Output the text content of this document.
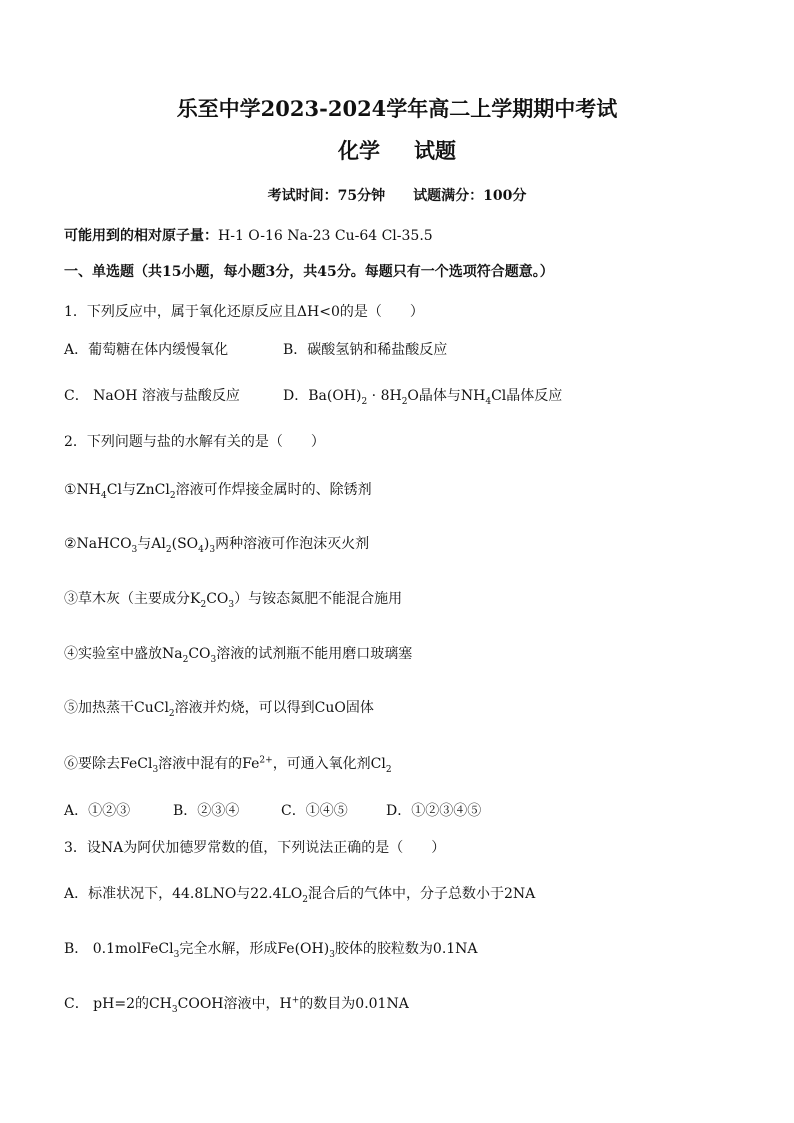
乐至中学2023-2024学年高二上学期期中考试
化学 试题
考试时间：75分钟 试题满分：100分
可能用到的相对原子量：H-1 O-16 Na-23 Cu-64 Cl-35.5
一、单选题（共15小题，每小题3分，共45分。每题只有一个选项符合题意。）
1．下列反应中，属于氧化还原反应且ΔH<0的是（ ）
A．葡萄糖在体内缓慢氧化	B．碳酸氢钠和稀盐酸反应
C． NaOH 溶液与盐酸反应	D．$Ba(OH)_2 \cdot 8H_2O$晶体与$NH_4Cl$晶体反应
2．下列问题与盐的水解有关的是（ ）
$①NH_4Cl$与ZnCl$_2$溶液可作焊接金属时的、除锈剂
②NaHCO$_3$与$Al_2(SO_4)_3$两种溶液可作泡沫灭火剂
③草木灰（主要成分$K_2CO_3$）与铵态氮肥不能混合施用
④实验室中盛放$Na_2CO_3$溶液的试剂瓶不能用磨口玻璃塞
⑤加热蒸干CuCl$_2$溶液并灼烧，可以得到CuO固体
⑥要除去FeCl$_3$溶液中混有的$Fe^{2+}$，可通入氧化剂$Cl_2$
A．①②③	B．②③④	C．①④⑤	D．①②③④⑤
3．设NA为阿伏加德罗常数的值，下列说法正确的是（ ）
A．标准状况下，44.8LNO与$22.4LO_2$混合后的气体中，分子总数小于2NA
B． 0.1molFeCl$_3$完全水解，形成$Fe(OH)_3$胶体的胶粒数为0.1NA
C． pH=2的$CH_3COOH$溶液中，H+的数目为0.01NA
